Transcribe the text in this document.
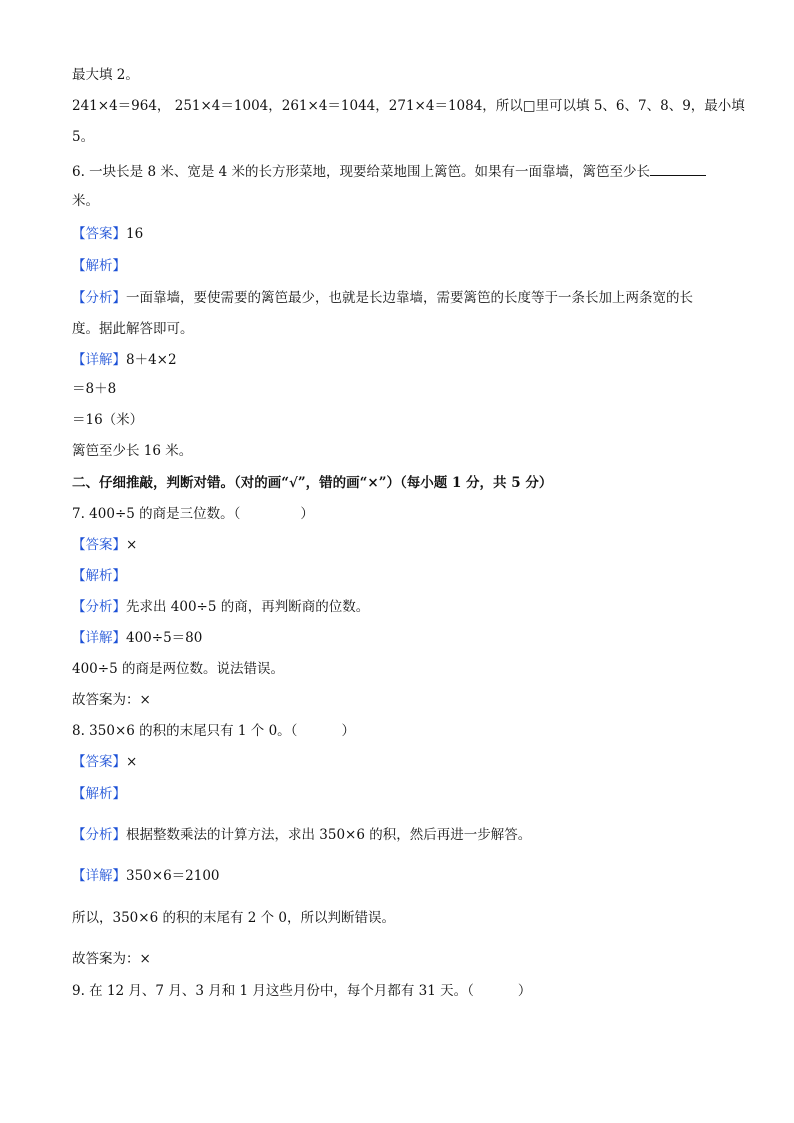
最大填 2。
241×4＝964， 251×4＝1004，261×4＝1044，271×4＝1084，所以□里可以填 5、6、7、8、9，最小填
5。
6. 一块长是 8 米、宽是 4 米的长方形菜地，现要给菜地围上篱笆。如果有一面靠墙，篱笆至少长
米。
【答案】16
【解析】
【分析】一面靠墙，要使需要的篱笆最少，也就是长边靠墙，需要篱笆的长度等于一条长加上两条宽的长
度。据此解答即可。
【详解】8＋4×2
＝8＋8
＝16（米）
篱笆至少长 16 米。
二、仔细推敲，判断对错。（对的画“√”，错的画“×”）（每小题 1 分，共 5 分）
7. 400÷5 的商是三位数。（	）
【答案】×
【解析】
【分析】先求出 400÷5 的商，再判断商的位数。
【详解】400÷5＝80
400÷5 的商是两位数。说法错误。
故答案为：×
8. 350×6 的积的末尾只有 1 个 0。（	）
【答案】×
【解析】
【分析】根据整数乘法的计算方法，求出 350×6 的积，然后再进一步解答。
【详解】350×6＝2100
所以，350×6 的积的末尾有 2 个 0，所以判断错误。
故答案为：×
9. 在 12 月、7 月、3 月和 1 月这些月份中，每个月都有 31 天。（	）
